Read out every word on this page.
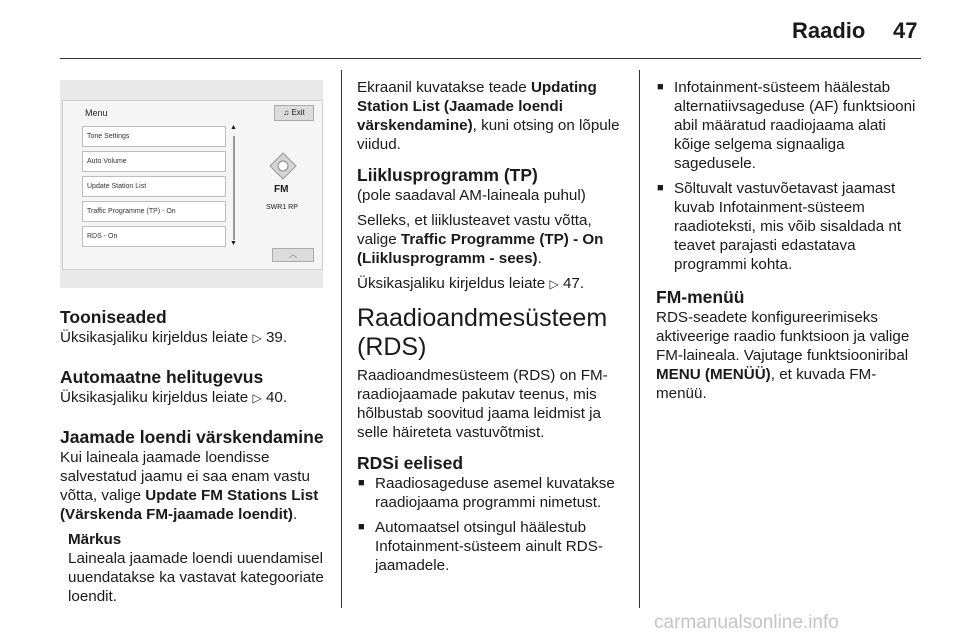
Raadio 47
Menu	♫ Exit
Tone Settings
Auto Volume
Update Station List
Traffic Programme (TP) - On
RDS - On
▲
▼
FM
SWR1 RP
︿
Tooniseaded

Üksikasjaliku kirjeldus leiate ▷ 39.

Automaatne helitugevus

Üksikasjaliku kirjeldus leiate ▷ 40.

Jaamade loendi värskendamine

Kui laineala jaamade loendisse salvestatud jaamu ei saa enam vastu võtta, valige Update FM Stations List (Värskenda FM-jaamade loendit).

Märkus
Laineala jaamade loendi uuendamisel uuendatakse ka vastavat kategooriate loendit.

Ekraanil kuvatakse teade Updating Station List (Jaamade loendi värskendamine), kuni otsing on lõpule viidud.

Liiklusprogramm (TP)

(pole saadaval AM-laineala puhul)

Selleks, et liiklusteavet vastu võtta, valige Traffic Programme (TP) - On (Liiklusprogramm - sees).

Üksikasjaliku kirjeldus leiate ▷ 47.

Raadioandmesüsteem (RDS)

Raadioandmesüsteem (RDS) on FM-raadiojaamade pakutav teenus, mis hõlbustab soovitud jaama leidmist ja selle häireteta vastuvõtmist.

RDSi eelised
■ Raadiosageduse asemel kuvatakse raadiojaama programmi nimetust.
■ Automaatsel otsingul häälestub Infotainment-süsteem ainult RDS-jaamadele.
■ Infotainment-süsteem häälestab alternatiivsageduse (AF) funktsiooni abil määratud raadiojaama alati kõige selgema signaaliga sagedusele.
■ Sõltuvalt vastuvõetavast jaamast kuvab Infotainment-süsteem raadioteksti, mis võib sisaldada nt teavet parajasti edastatava programmi kohta.
FM-menüü

RDS-seadete konfigureerimiseks aktiveerige raadio funktsioon ja valige FM-laineala. Vajutage funktsiooniribal MENU (MENÜÜ), et kuvada FM-menüü.

carmanualsonline.info
